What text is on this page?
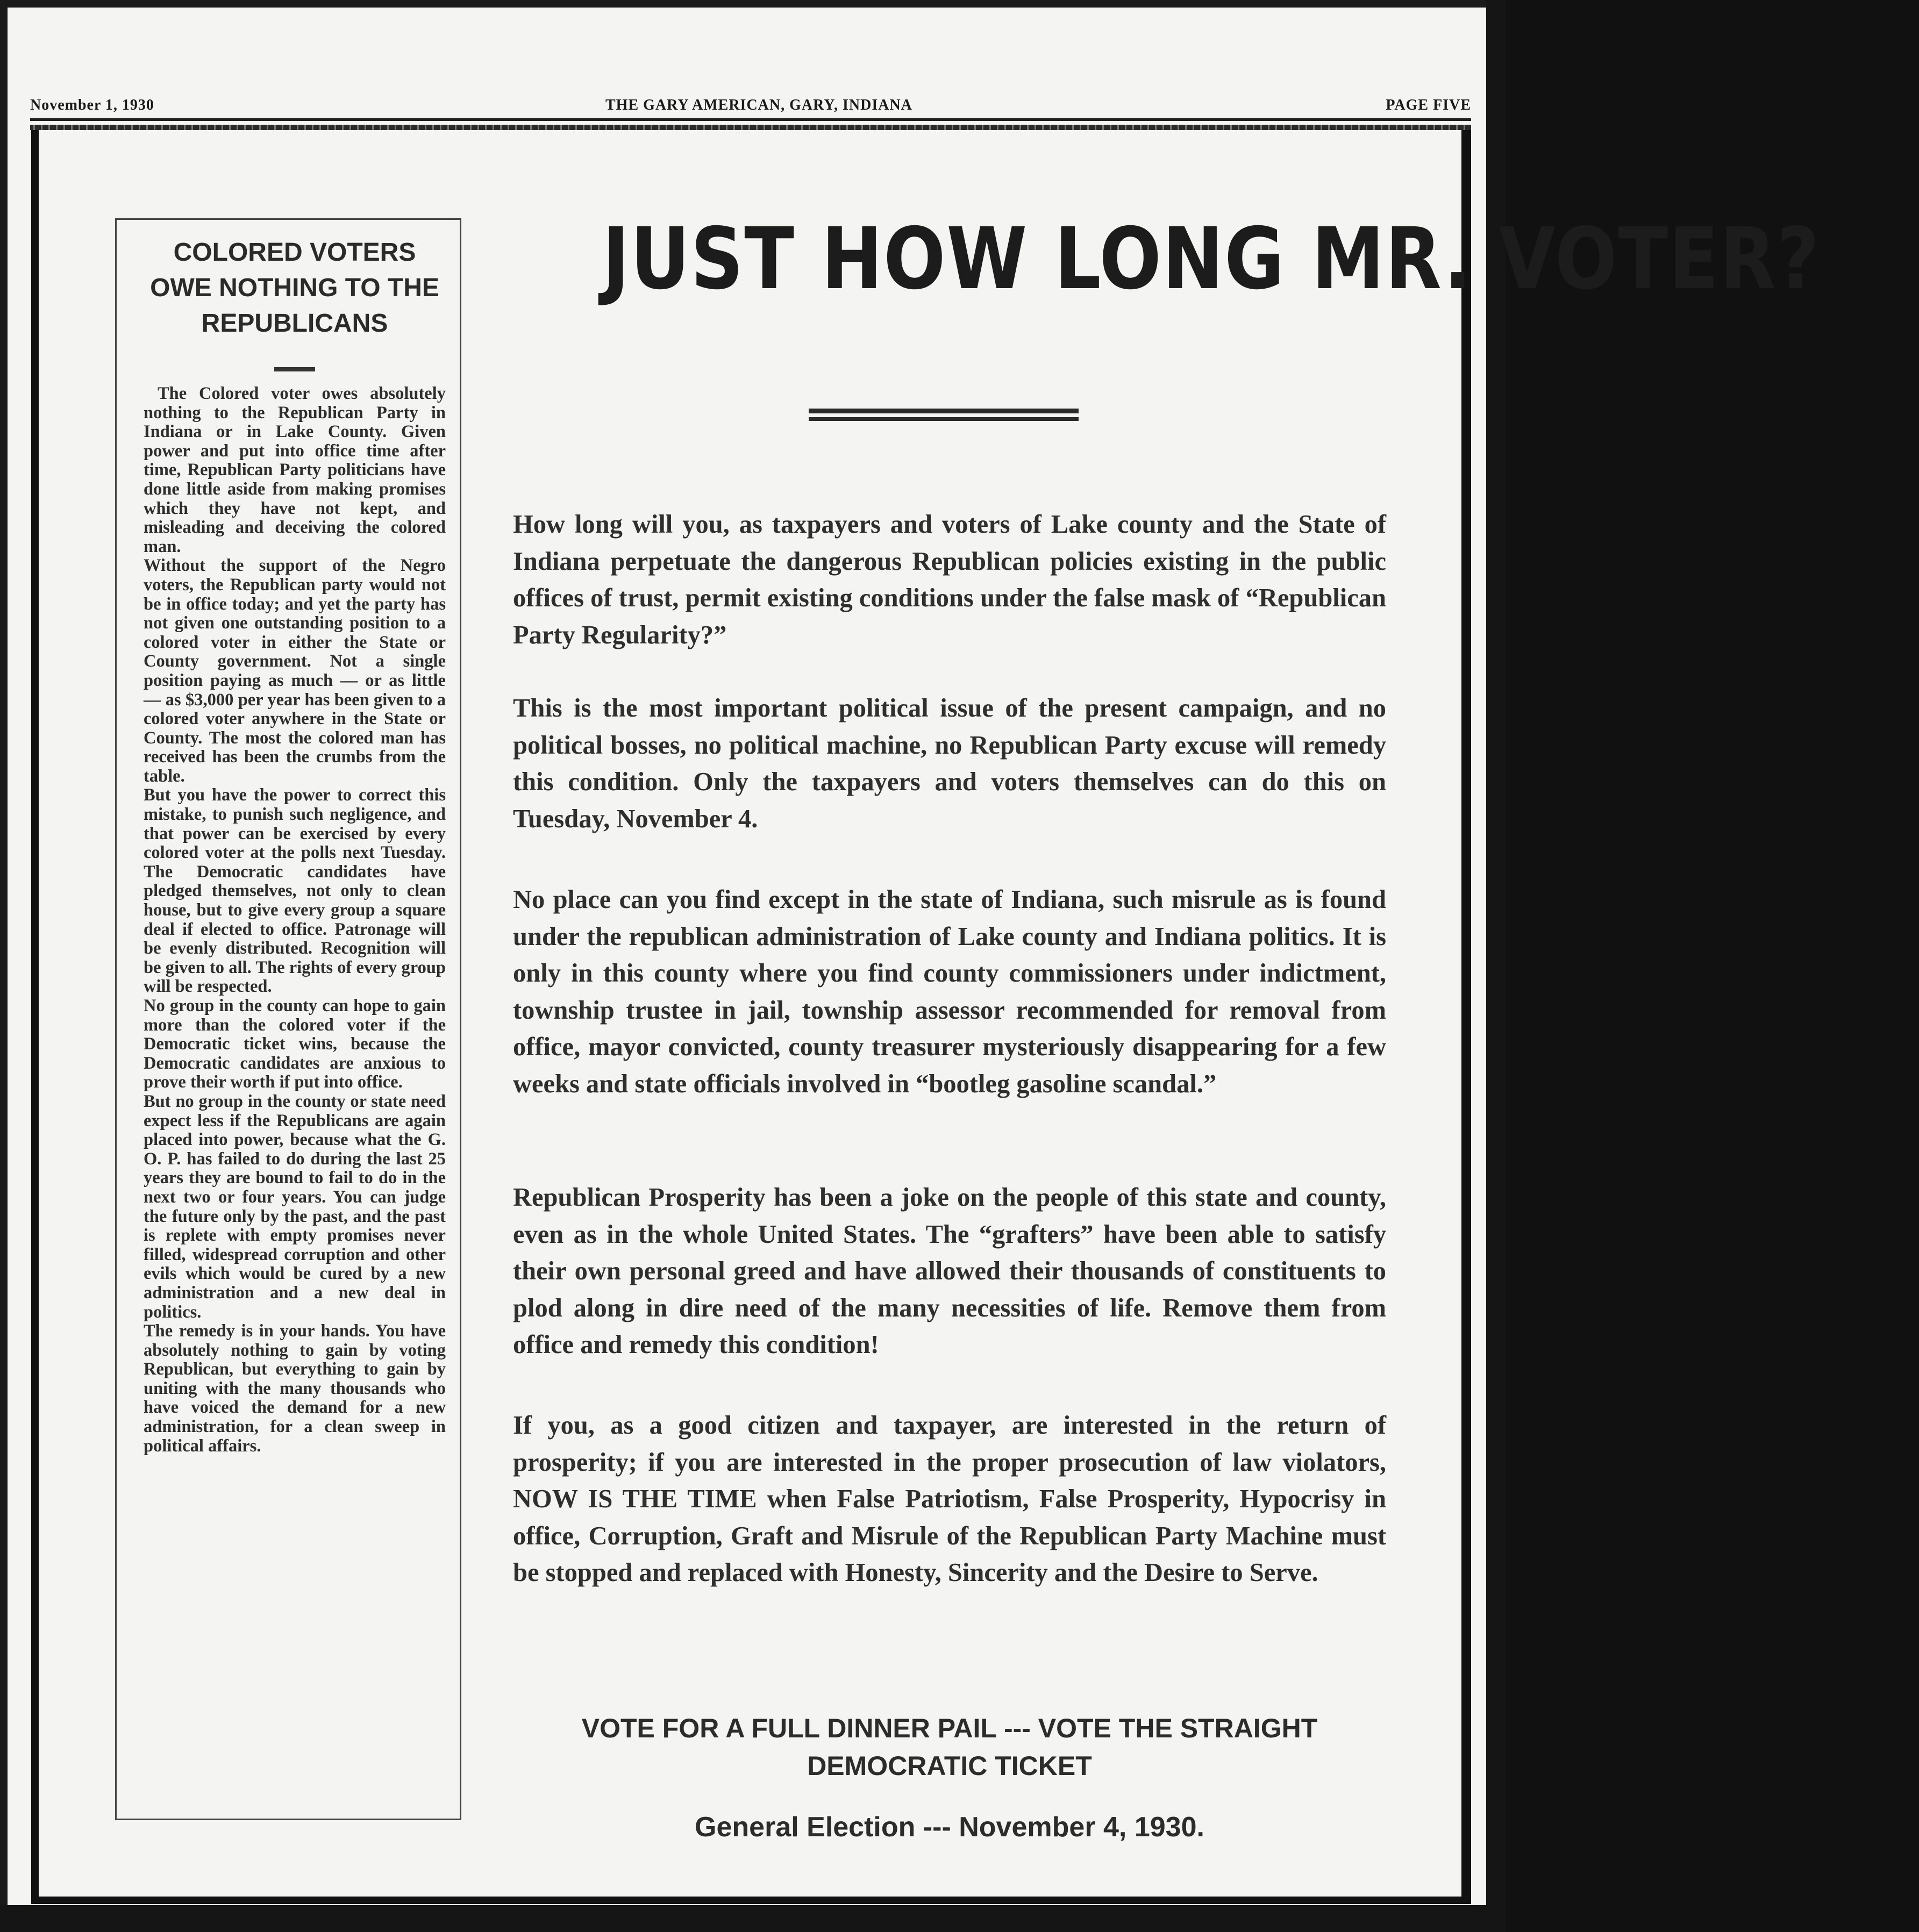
November 1, 1930	THE GARY AMERICAN, GARY, INDIANA	PAGE FIVE
COLORED VOTERS OWE NOTHING TO THE REPUBLICANS

The Colored voter owes absolutely nothing to the Republican Party in Indiana or in Lake County. Given power and put into office time after time, Republican Party politicians have done little aside from making promises which they have not kept, and misleading and deceiving the colored man.

Without the support of the Negro voters, the Republican party would not be in office today; and yet the party has not given one outstanding position to a colored voter in either the State or County government. Not a single position paying as much — or as little — as $3,000 per year has been given to a colored voter anywhere in the State or County. The most the colored man has received has been the crumbs from the table.

But you have the power to correct this mistake, to punish such negligence, and that power can be exercised by every colored voter at the polls next Tuesday. The Democratic candidates have pledged themselves, not only to clean house, but to give every group a square deal if elected to office. Patronage will be evenly distributed. Recognition will be given to all. The rights of every group will be respected.

No group in the county can hope to gain more than the colored voter if the Democratic ticket wins, because the Democratic candidates are anxious to prove their worth if put into office.

But no group in the county or state need expect less if the Republicans are again placed into power, because what the G. O. P. has failed to do during the last 25 years they are bound to fail to do in the next two or four years. You can judge the future only by the past, and the past is replete with empty promises never filled, widespread corruption and other evils which would be cured by a new administration and a new deal in politics.

The remedy is in your hands. You have absolutely nothing to gain by voting Republican, but everything to gain by uniting with the many thousands who have voiced the demand for a new administration, for a clean sweep in political affairs.

JUST HOW LONG MR. VOTER?

How long will you, as taxpayers and voters of Lake county and the State of Indiana perpetuate the dangerous Republican policies existing in the public offices of trust, permit existing conditions under the false mask of “Republican Party Regularity?”

This is the most important political issue of the present campaign, and no political bosses, no political machine, no Republican Party excuse will remedy this condition. Only the taxpayers and voters themselves can do this on Tuesday, November 4.

No place can you find except in the state of Indiana, such misrule as is found under the republican administration of Lake county and Indiana politics. It is only in this county where you find county commissioners under indictment, township trustee in jail, township assessor recommended for removal from office, mayor convicted, county treasurer mysteriously disappearing for a few weeks and state officials involved in “bootleg gasoline scandal.”

Republican Prosperity has been a joke on the people of this state and county, even as in the whole United States. The “grafters” have been able to satisfy their own personal greed and have allowed their thousands of constituents to plod along in dire need of the many necessities of life. Remove them from office and remedy this condition!

If you, as a good citizen and taxpayer, are interested in the return of prosperity; if you are interested in the proper prosecution of law violators, NOW IS THE TIME when False Patriotism, False Prosperity, Hypocrisy in office, Corruption, Graft and Misrule of the Republican Party Machine must be stopped and replaced with Honesty, Sincerity and the Desire to Serve.

VOTE FOR A FULL DINNER PAIL --- VOTE THE STRAIGHT
DEMOCRATIC TICKET
General Election --- November 4, 1930.
